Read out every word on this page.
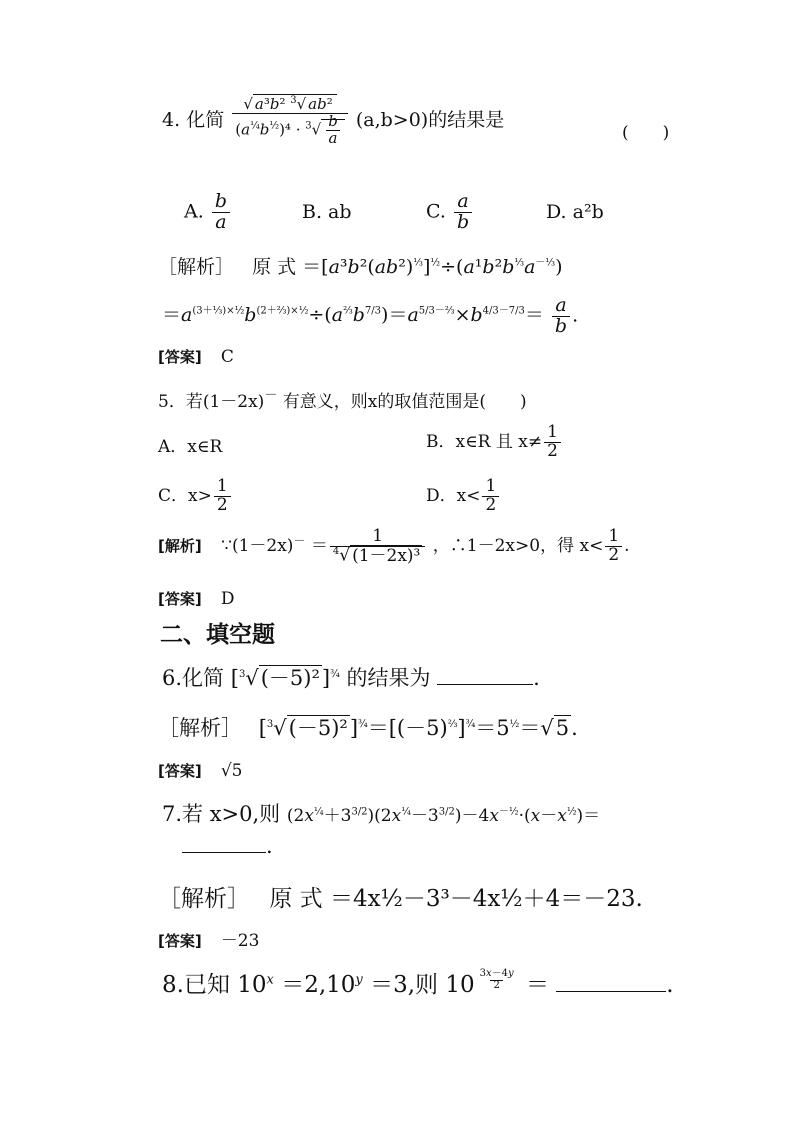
4. 化简 $\frac{√ a^3b^2 ^3√ ab^2}{(a^{\frac{1}{4}}b^{\frac{1}{2}})^4 \cdot ^3√ \frac{b}{a}} (a,b>0)$的结果是
(　　)
A. $\frac{b}{a}$	B. ab	C. $\frac{a}{b}$	D. a²b
［解析］ 原 式 $=[a^3b^2(ab^2)^{\frac{1}{3}}]^{\frac{1}{2}}\div(a^1b^2b^{\frac{1}{3}}a^{-\frac{1}{3}})$
$=a^{(3+\frac{1}{3})\times\frac{1}{2}}b^{(2+\frac{2}{3})\times\frac{1}{2}}\div(a^{\frac{2}{3}}b^{7/3})=a^{5/3-\frac{2}{3}}\times b^{4/3-7/3}= \frac{a}{b}$ .
[答案] C
5．若(1－2x)－ 有意义，则x的取值范围是(　　)
A．x∈R	B．x∈R 且 $x\ne \frac{1}{2}$
C．$x> \frac{1}{2}$	D．$x< \frac{1}{2}$
[解析] ∵(1－2x)－ ＝ $\frac{1}{^4√ (1-2x)^3}$ ，∴1－2x>0，得 $x< \frac{1}{2}$ .
[答案] D
二、填空题
6.化简 $[^3√(-5)^2]^{\frac{3}{4}}$ 的结果为	.
［解析］ $[^3√(-5)^2]^{\frac{3}{4}}=[(-5)^{\frac{2}{3}}]^{\frac{3}{4}}=5^{\frac{1}{2}}=√5$.
[答案] √5
7.若 x>0,则 $(2x^{\frac{1}{4}}+3^{3/2})(2x^{\frac{1}{4}}-3^{3/2})-4x^{-\frac{1}{2}}\cdot(x-x^{\frac{1}{2}})=$
.
［解析］ 原 式 ＝4x½－3³－4x½＋4＝－23.
[答案] －23
8.已知 $10^x =2,10^y =3$,则 10 $^{\frac{3x-4y}{2}}$ ＝	.
